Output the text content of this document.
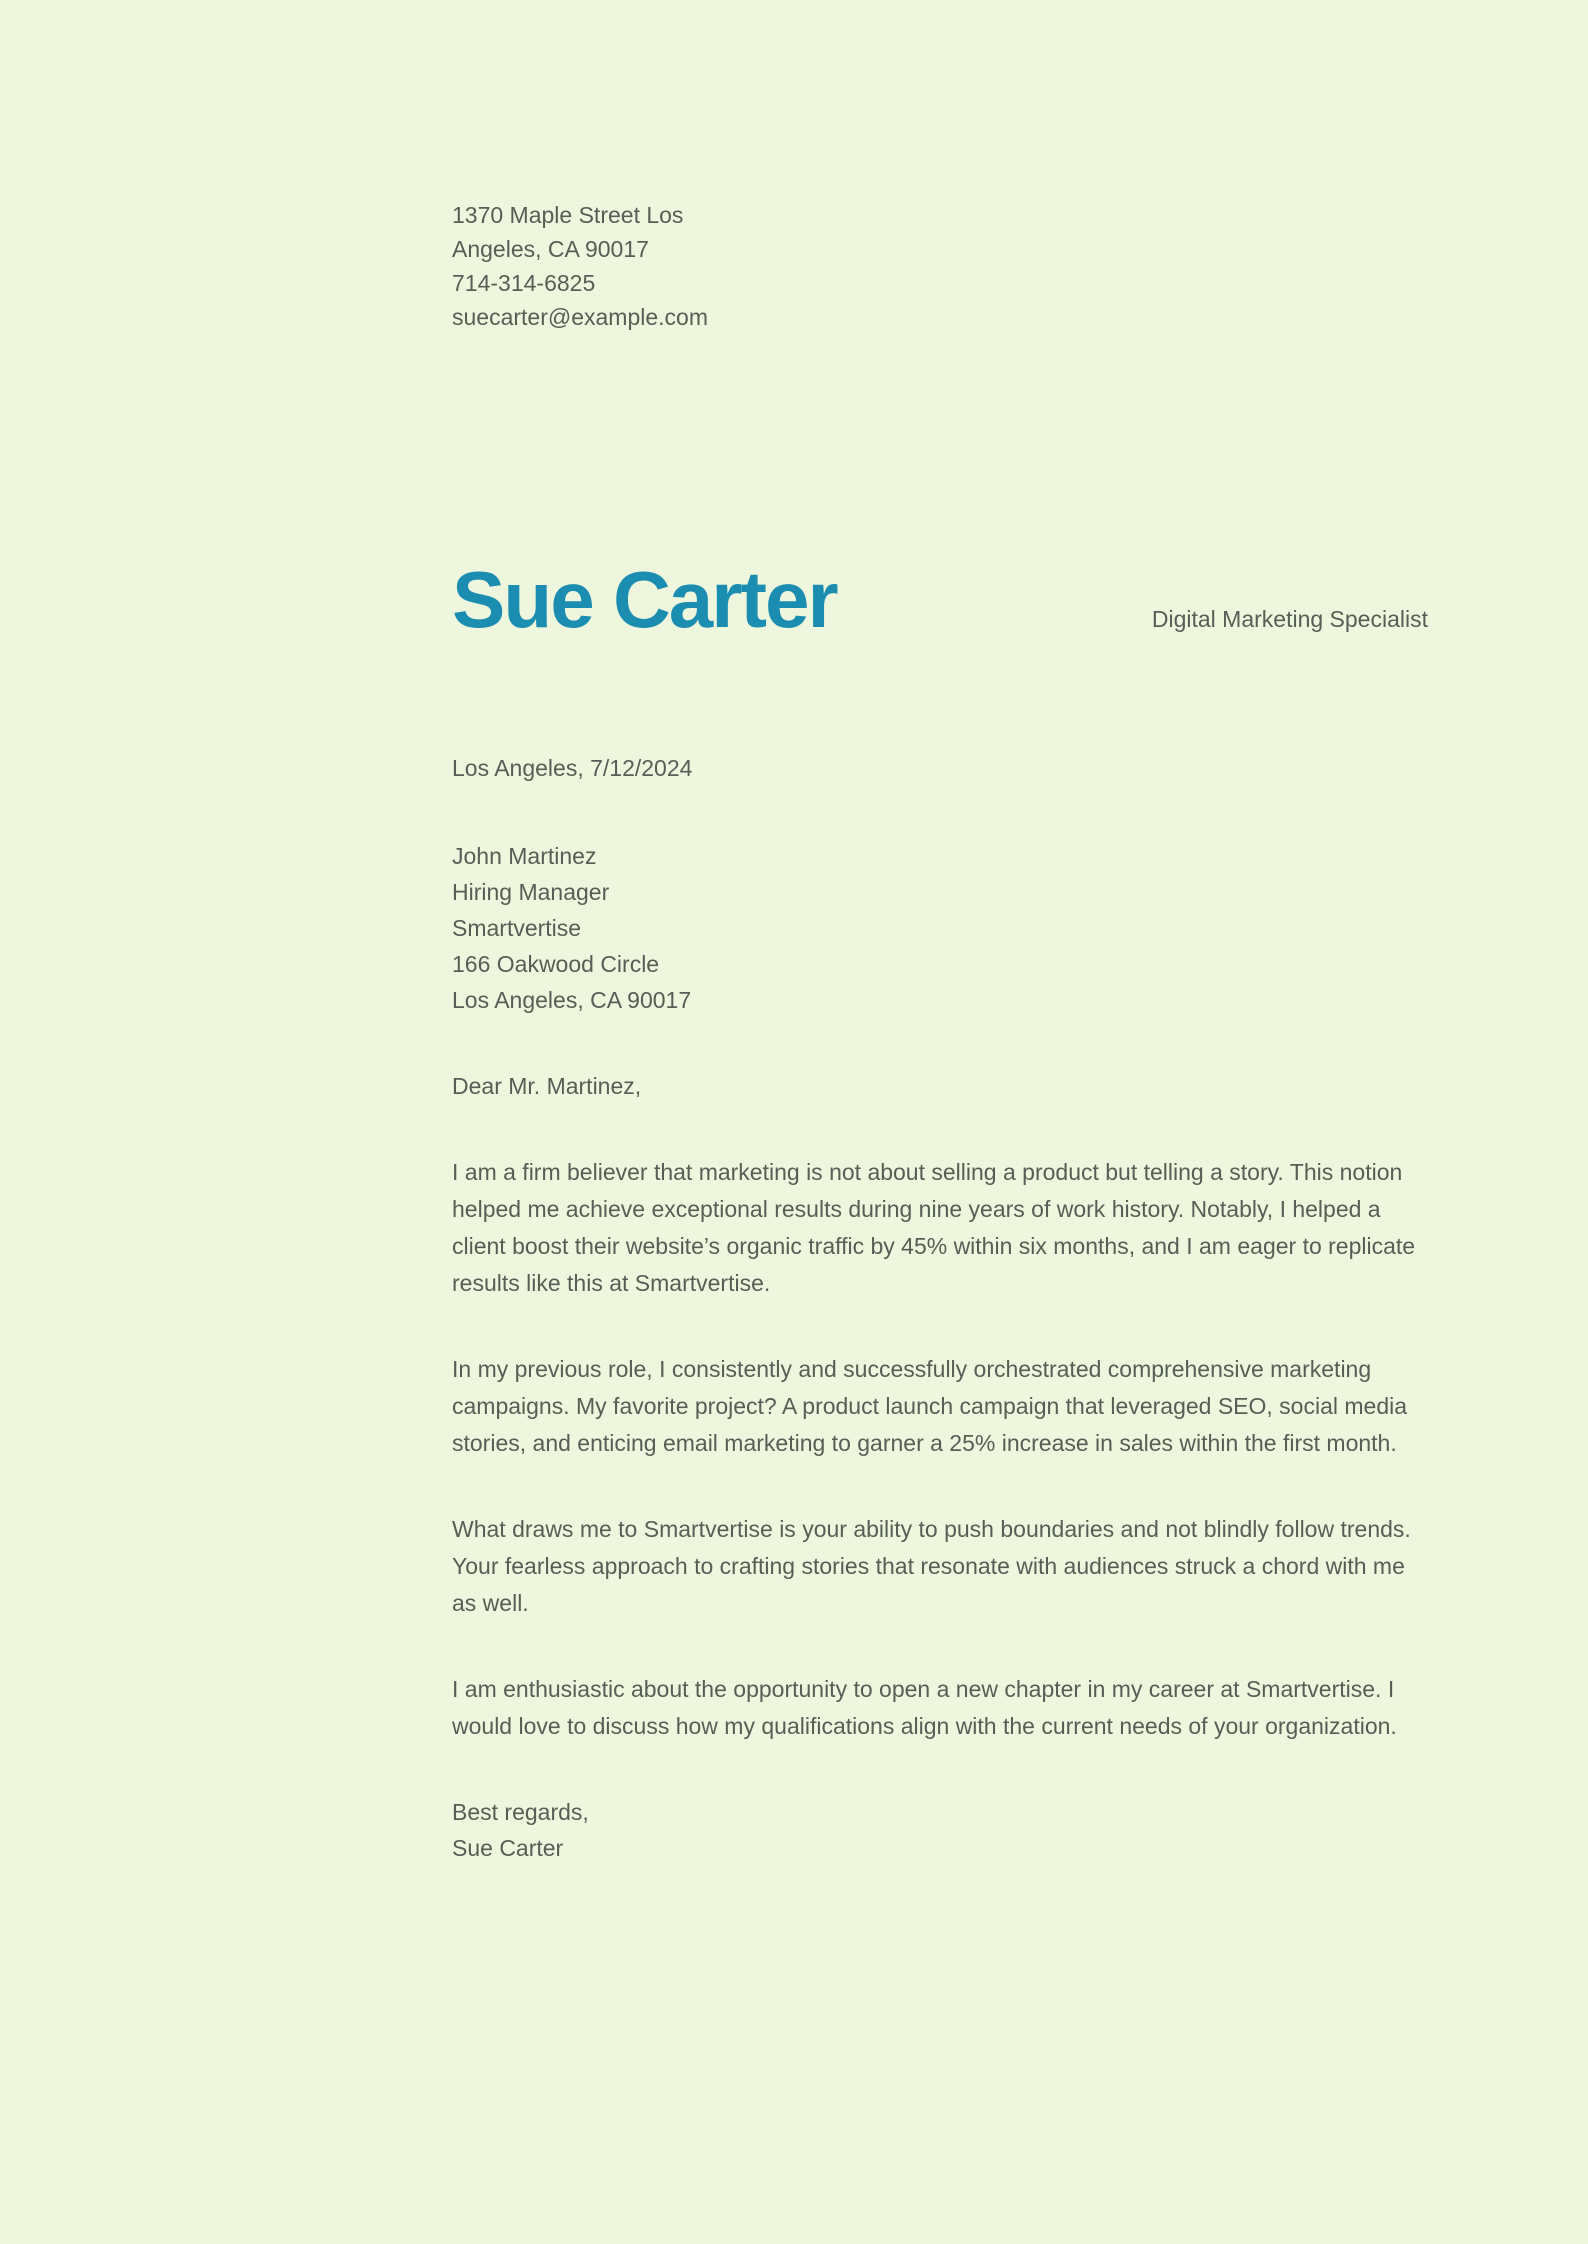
1370 Maple Street Los Angeles, CA 90017
714-314-6825
suecarter@example.com
Sue Carter	Digital Marketing Specialist
Los Angeles, 7/12/2024
John Martinez
Hiring Manager
Smartvertise
166 Oakwood Circle
Los Angeles, CA 90017

Dear Mr. Martinez,

I am a firm believer that marketing is not about selling a product but telling a story. This notion helped me achieve exceptional results during nine years of work history. Notably, I helped a client boost their website’s organic traffic by 45% within six months, and I am eager to replicate results like this at Smartvertise.

In my previous role, I consistently and successfully orchestrated comprehensive marketing campaigns. My favorite project? A product launch campaign that leveraged SEO, social media stories, and enticing email marketing to garner a 25% increase in sales within the first month.

What draws me to Smartvertise is your ability to push boundaries and not blindly follow trends. Your fearless approach to crafting stories that resonate with audiences struck a chord with me as well.

I am enthusiastic about the opportunity to open a new chapter in my career at Smartvertise. I would love to discuss how my qualifications align with the current needs of your organization.

Best regards,
Sue Carter
